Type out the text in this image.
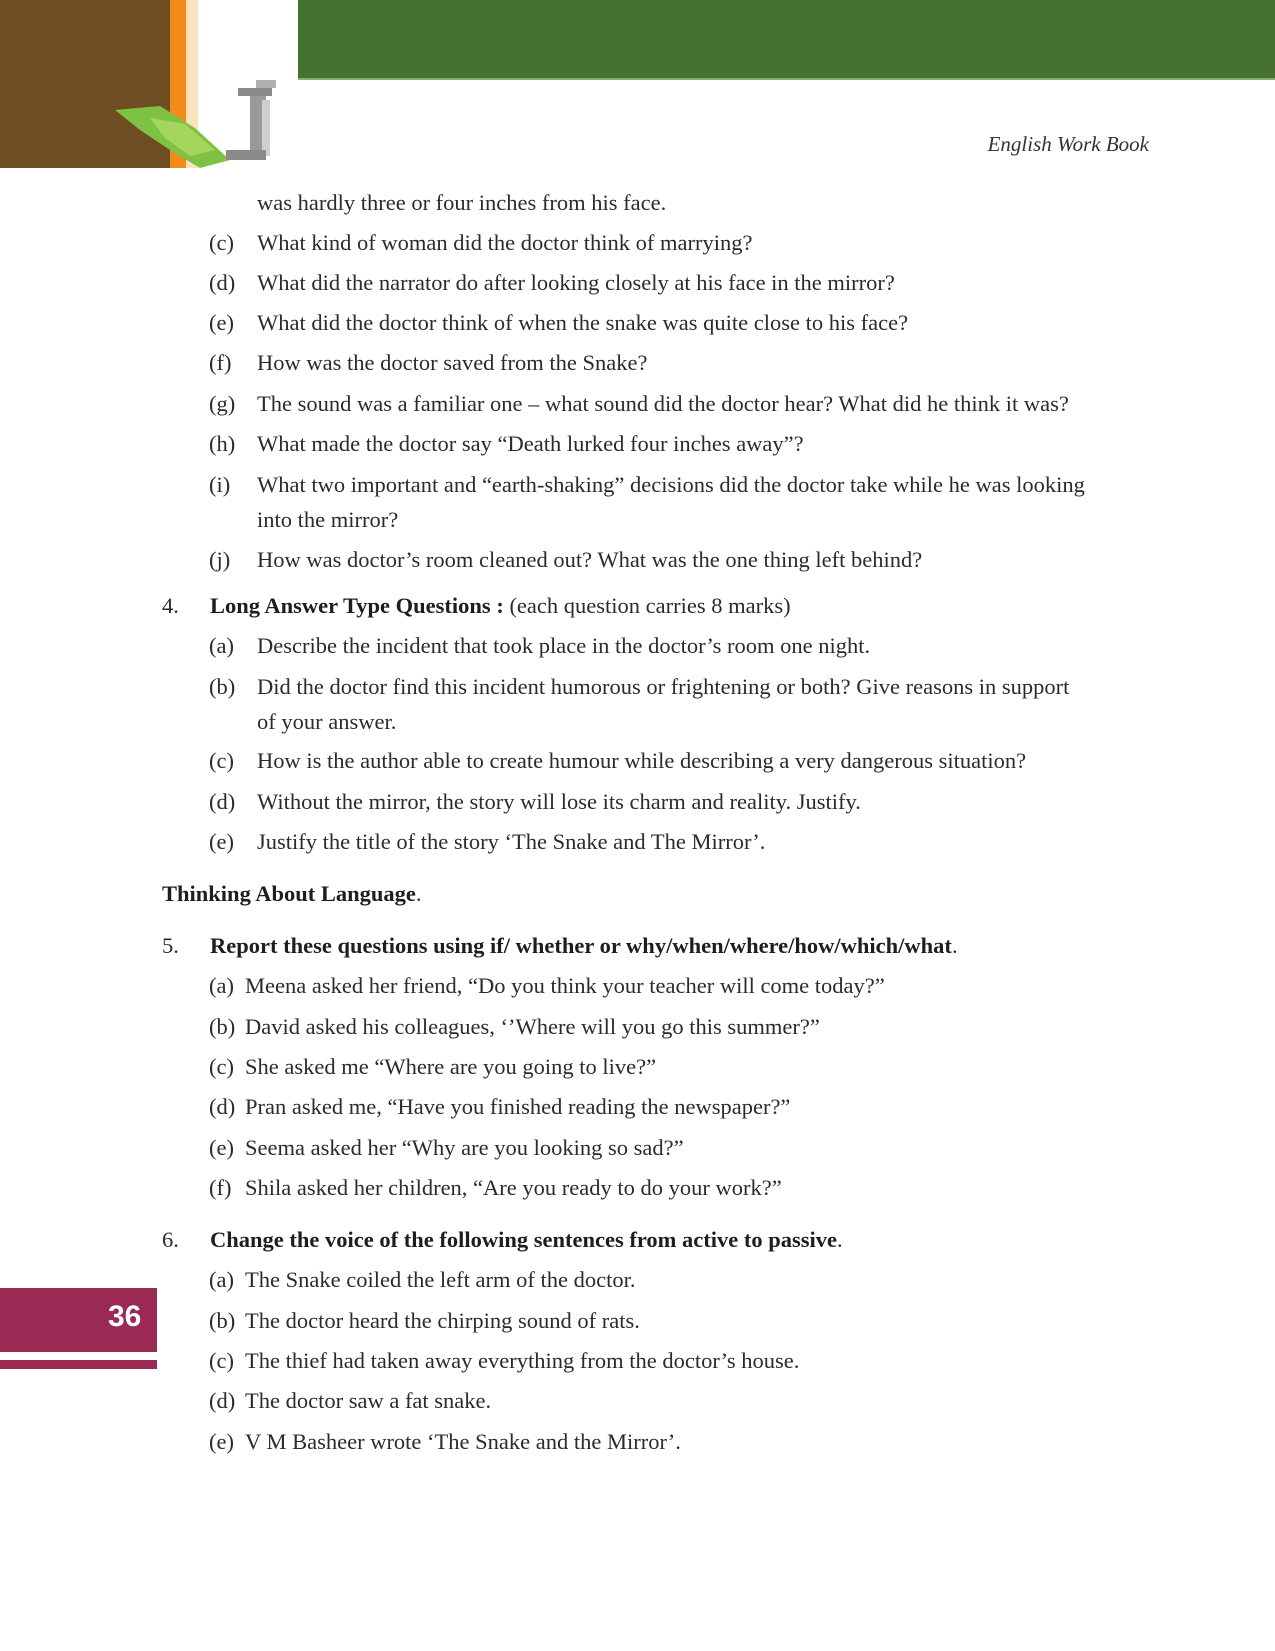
English Work Book
was hardly three or four inches from his face.
(c) What kind of woman did the doctor think of marrying?
(d) What did the narrator do after looking closely at his face in the mirror?
(e) What did the doctor think of when the snake was quite close to his face?
(f) How was the doctor saved from the Snake?
(g) The sound was a familiar one – what sound did the doctor hear? What did he think it was?
(h) What made the doctor say “Death lurked four inches away”?
(i) What two important and “earth-shaking” decisions did the doctor take while he was looking
into the mirror?
(j) How was doctor’s room cleaned out? What was the one thing left behind?
4. Long Answer Type Questions : (each question carries 8 marks)
(a) Describe the incident that took place in the doctor’s room one night.
(b) Did the doctor find this incident humorous or frightening or both? Give reasons in support
of your answer.
(c) How is the author able to create humour while describing a very dangerous situation?
(d) Without the mirror, the story will lose its charm and reality. Justify.
(e) Justify the title of the story ‘The Snake and The Mirror’.
Thinking About Language.
5. Report these questions using if/ whether or why/when/where/how/which/what.
(a) Meena asked her friend, “Do you think your teacher will come today?”
(b) David asked his colleagues, ‘’Where will you go this summer?”
(c) She asked me “Where are you going to live?”
(d) Pran asked me, “Have you finished reading the newspaper?”
(e) Seema asked her “Why are you looking so sad?”
(f) Shila asked her children, “Are you ready to do your work?”
6. Change the voice of the following sentences from active to passive.
(a) The Snake coiled the left arm of the doctor.
(b) The doctor heard the chirping sound of rats.
(c) The thief had taken away everything from the doctor’s house.
(d) The doctor saw a fat snake.
(e) V M Basheer wrote ‘The Snake and the Mirror’.
36
